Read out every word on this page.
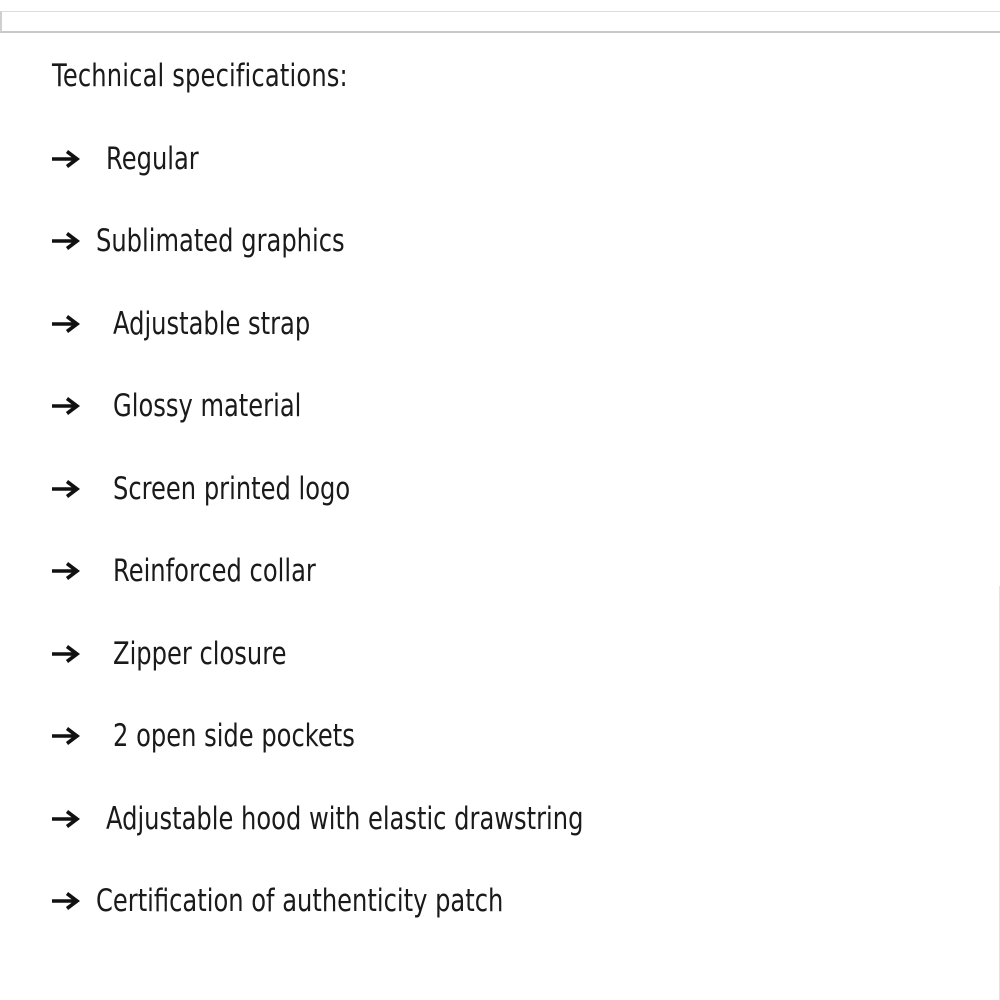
Technical specifications:
Regular
Sublimated graphics
Adjustable strap
Glossy material
Screen printed logo
Reinforced collar
Zipper closure
2 open side pockets
Adjustable hood with elastic drawstring
Certification of authenticity patch
